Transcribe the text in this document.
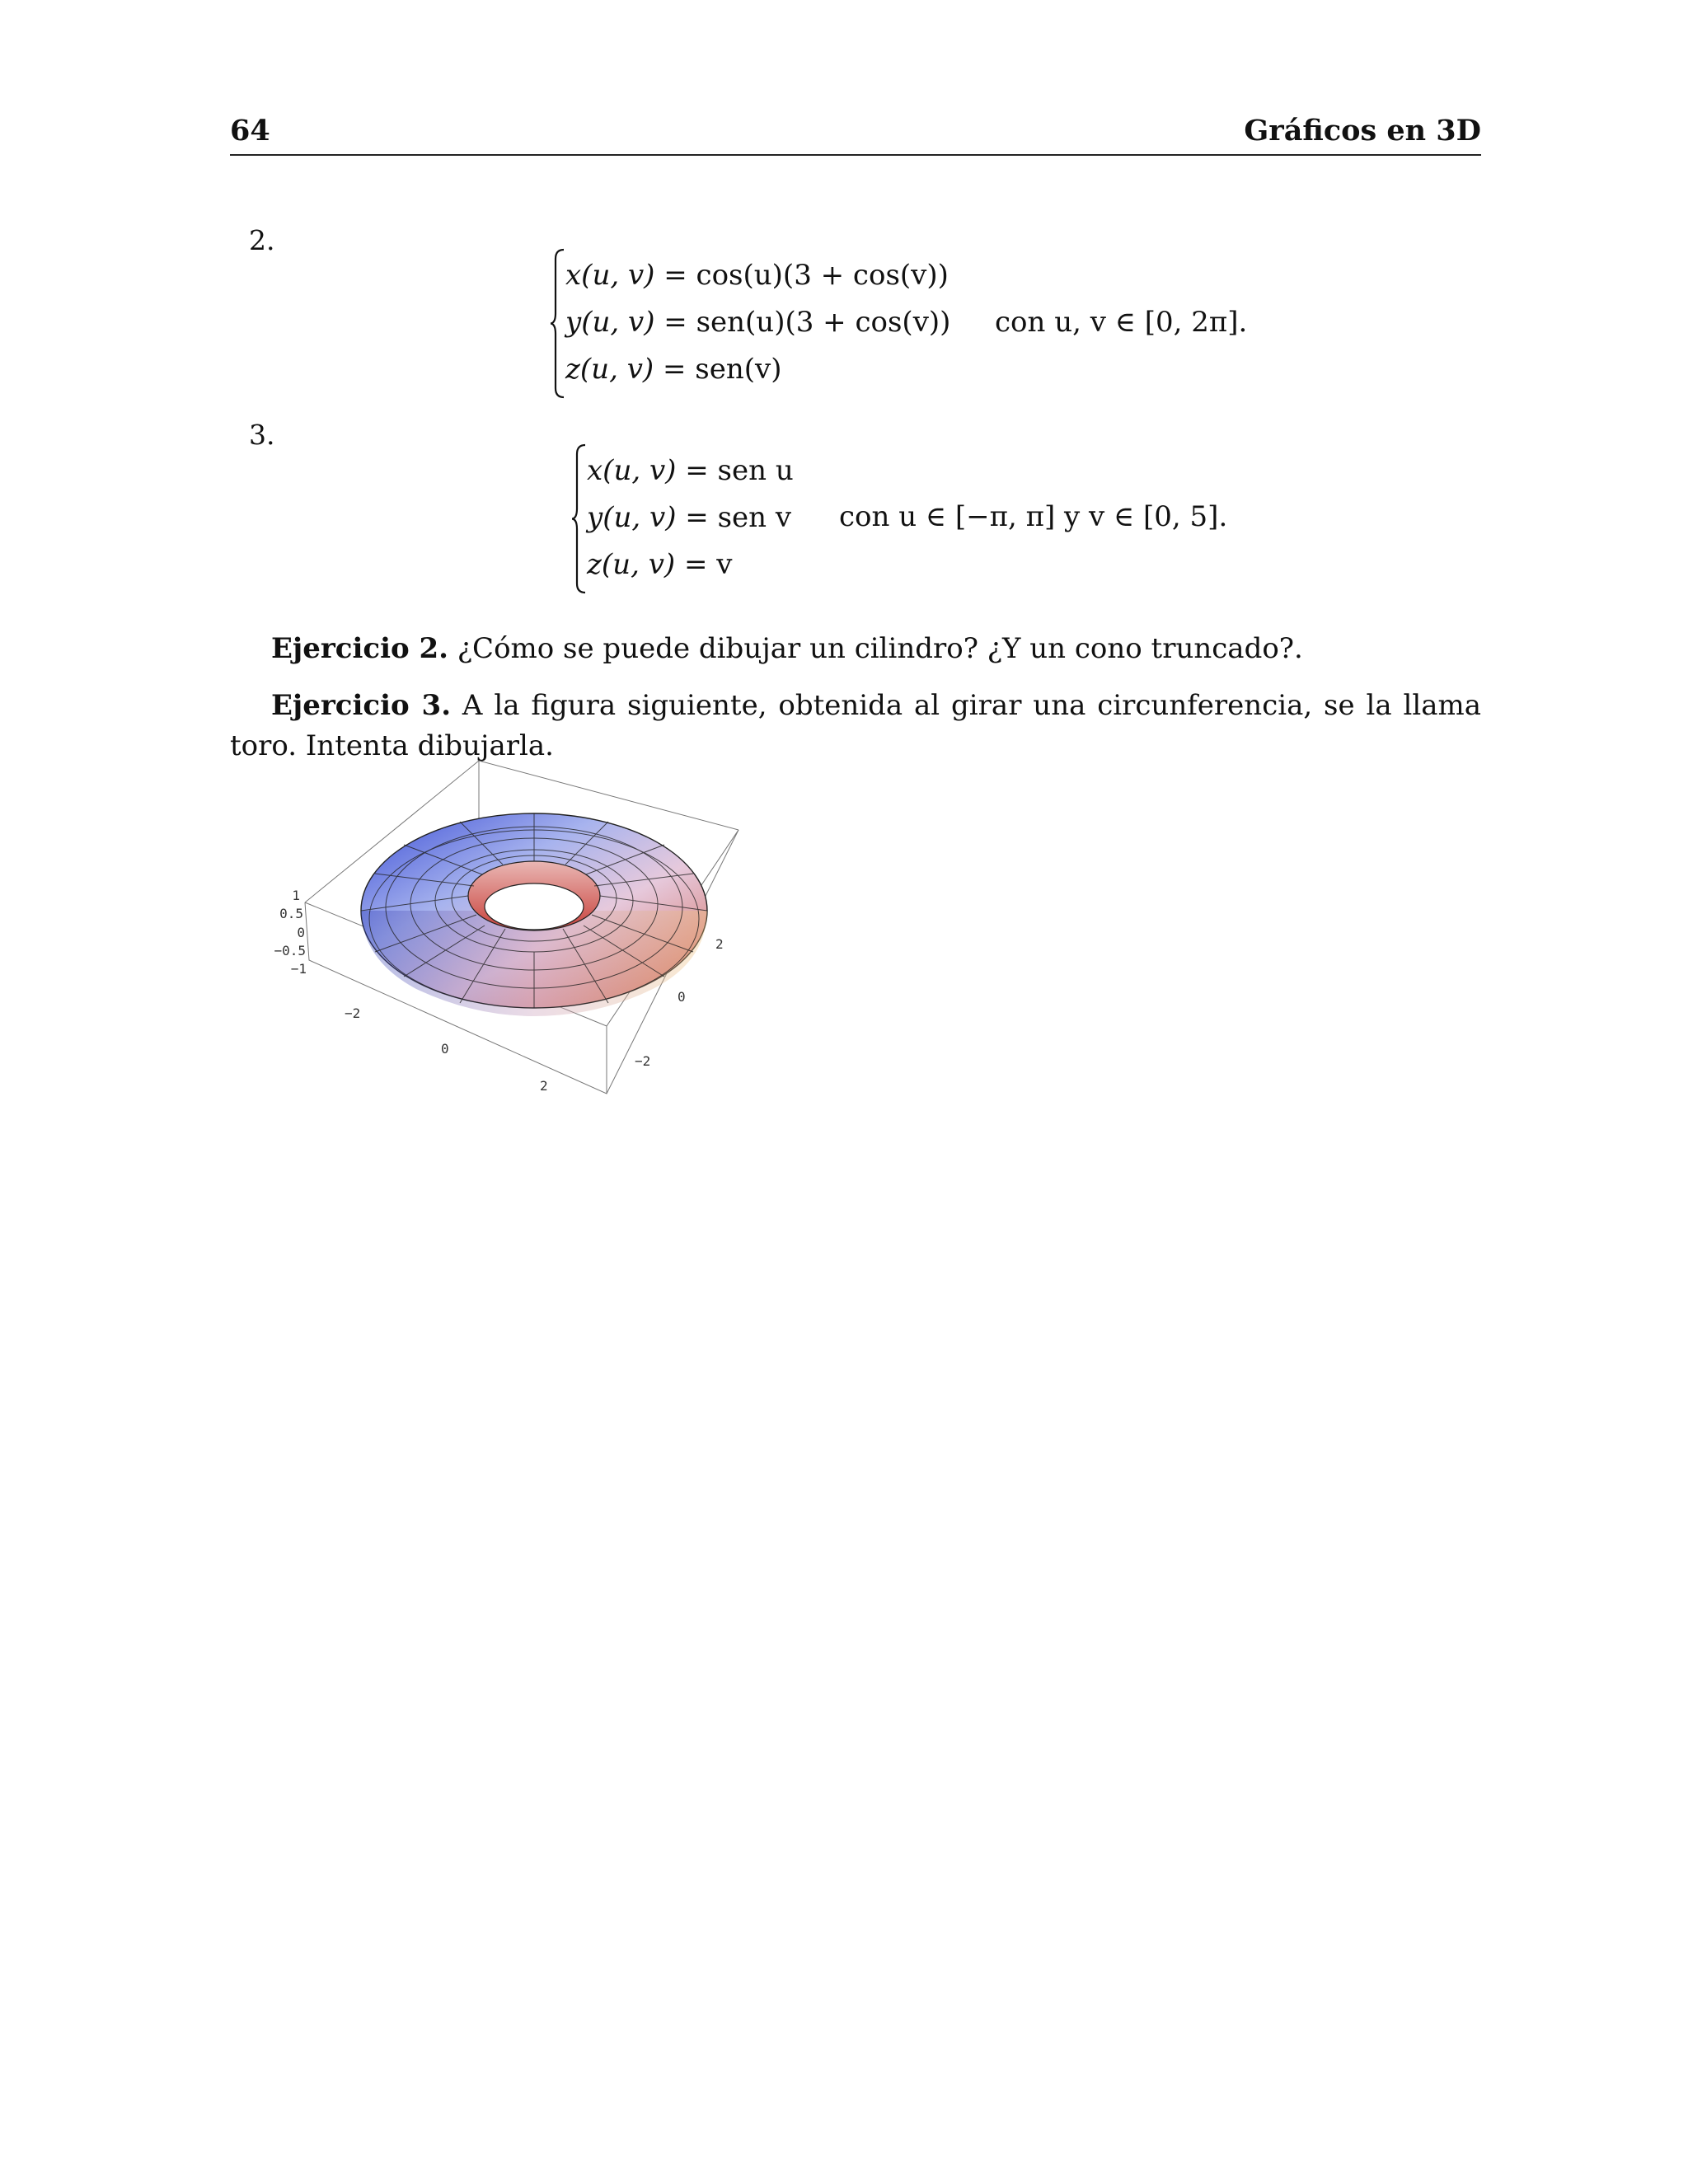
64	Gráficos en 3D
2.
x(u, v) = cos(u)(3 + cos(v))
y(u, v) = sen(u)(3 + cos(v))
z(u, v) = sen(v)
con u, v ∈ [0, 2π].
3.
x(u, v) = sen u
y(u, v) = sen v
z(u, v) = v
con u ∈ [−π, π] y v ∈ [0, 5].
Ejercicio 2. ¿Cómo se puede dibujar un cilindro? ¿Y un cono truncado?.
Ejercicio 3. A la figura siguiente, obtenida al girar una circunferencia, se la llama toro. Intenta dibujarla.
1
0.5
0
−0.5
−1
−2
0
2
2
0
−2
